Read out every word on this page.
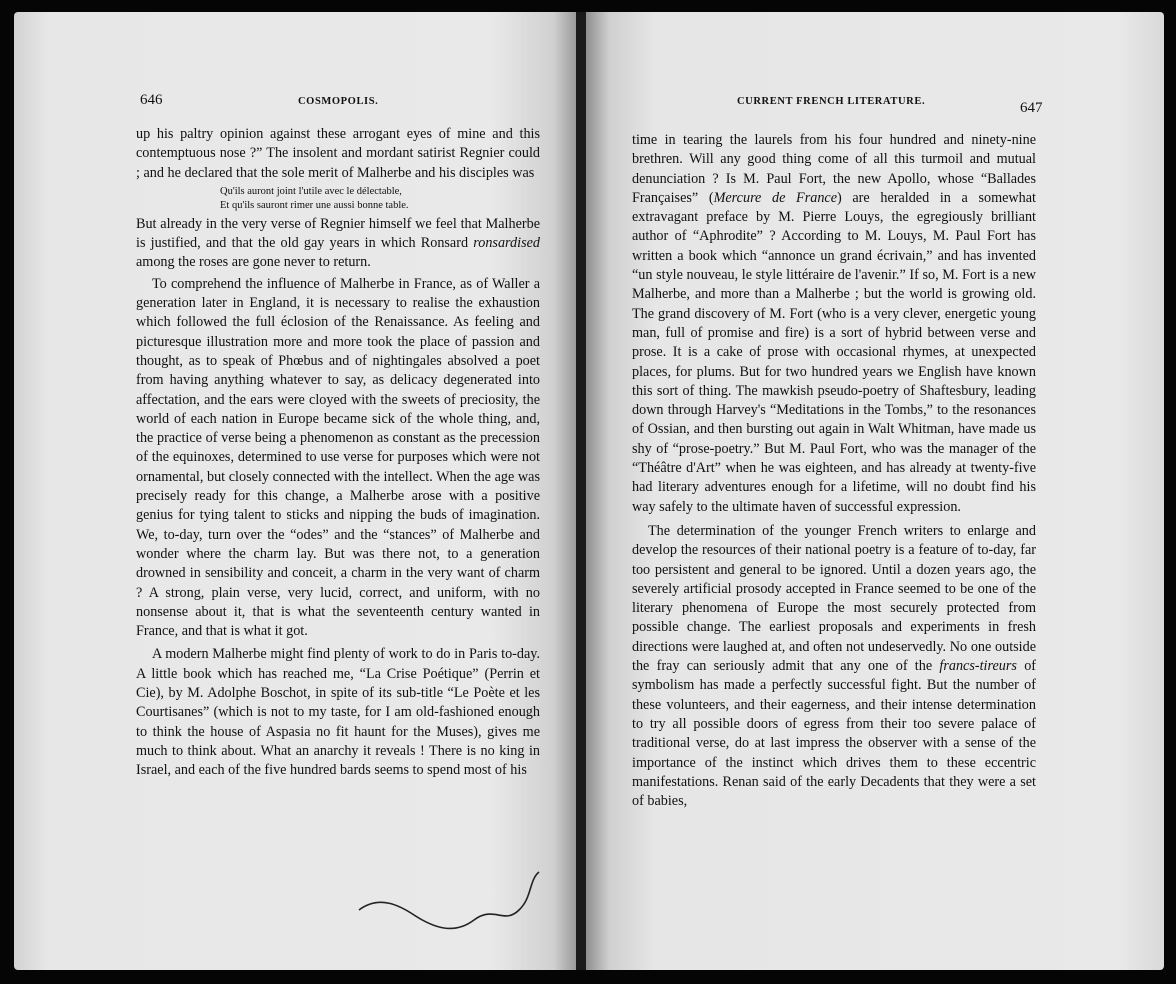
646	COSMOPOLIS.

up his paltry opinion against these arrogant eyes of mine and this contemptuous nose ?” The insolent and mordant satirist Regnier could ; and he declared that the sole merit of Malherbe and his disciples was

Qu'ils auront joint l'utile avec le délectable,
Et qu'ils sauront rimer une aussi bonne table.

But already in the very verse of Regnier himself we feel that Malherbe is justified, and that the old gay years in which Ronsard ronsardised among the roses are gone never to return.

To comprehend the influence of Malherbe in France, as of Waller a generation later in England, it is necessary to realise the exhaustion which followed the full éclosion of the Renaissance. As feeling and picturesque illustration more and more took the place of passion and thought, as to speak of Phœbus and of nightingales absolved a poet from having anything whatever to say, as delicacy degenerated into affectation, and the ears were cloyed with the sweets of preciosity, the world of each nation in Europe became sick of the whole thing, and, the practice of verse being a phenomenon as constant as the precession of the equinoxes, determined to use verse for purposes which were not ornamental, but closely connected with the intellect. When the age was precisely ready for this change, a Malherbe arose with a positive genius for tying talent to sticks and nipping the buds of imagination. We, to-day, turn over the “odes” and the “stances” of Malherbe and wonder where the charm lay. But was there not, to a generation drowned in sensibility and conceit, a charm in the very want of charm ? A strong, plain verse, very lucid, correct, and uniform, with no nonsense about it, that is what the seventeenth century wanted in France, and that is what it got.

A modern Malherbe might find plenty of work to do in Paris to-day. A little book which has reached me, “La Crise Poétique” (Perrin et Cie), by M. Adolphe Boschot, in spite of its sub-title “Le Poète et les Courtisanes” (which is not to my taste, for I am old-fashioned enough to think the house of Aspasia no fit haunt for the Muses), gives me much to think about. What an anarchy it reveals ! There is no king in Israel, and each of the five hundred bards seems to spend most of his

CURRENT FRENCH LITERATURE.	647

time in tearing the laurels from his four hundred and ninety-nine brethren. Will any good thing come of all this turmoil and mutual denunciation ? Is M. Paul Fort, the new Apollo, whose “Ballades Françaises” (Mercure de France) are heralded in a somewhat extravagant preface by M. Pierre Louys, the egregiously brilliant author of “Aphrodite” ? According to M. Louys, M. Paul Fort has written a book which “annonce un grand écrivain,” and has invented “un style nouveau, le style littéraire de l'avenir.” If so, M. Fort is a new Malherbe, and more than a Malherbe ; but the world is growing old. The grand discovery of M. Fort (who is a very clever, energetic young man, full of promise and fire) is a sort of hybrid between verse and prose. It is a cake of prose with occasional rhymes, at unexpected places, for plums. But for two hundred years we English have known this sort of thing. The mawkish pseudo-poetry of Shaftesbury, leading down through Harvey's “Meditations in the Tombs,” to the resonances of Ossian, and then bursting out again in Walt Whitman, have made us shy of “prose-poetry.” But M. Paul Fort, who was the manager of the “Théâtre d'Art” when he was eighteen, and has already at twenty-five had literary adventures enough for a lifetime, will no doubt find his way safely to the ultimate haven of successful expression.

The determination of the younger French writers to enlarge and develop the resources of their national poetry is a feature of to-day, far too persistent and general to be ignored. Until a dozen years ago, the severely artificial prosody accepted in France seemed to be one of the literary phenomena of Europe the most securely protected from possible change. The earliest proposals and experiments in fresh directions were laughed at, and often not undeservedly. No one outside the fray can seriously admit that any one of the francs-tireurs of symbolism has made a perfectly successful fight. But the number of these volunteers, and their eagerness, and their intense determination to try all possible doors of egress from their too severe palace of traditional verse, do at last impress the observer with a sense of the importance of the instinct which drives them to these eccentric manifestations. Renan said of the early Decadents that they were a set of babies,
